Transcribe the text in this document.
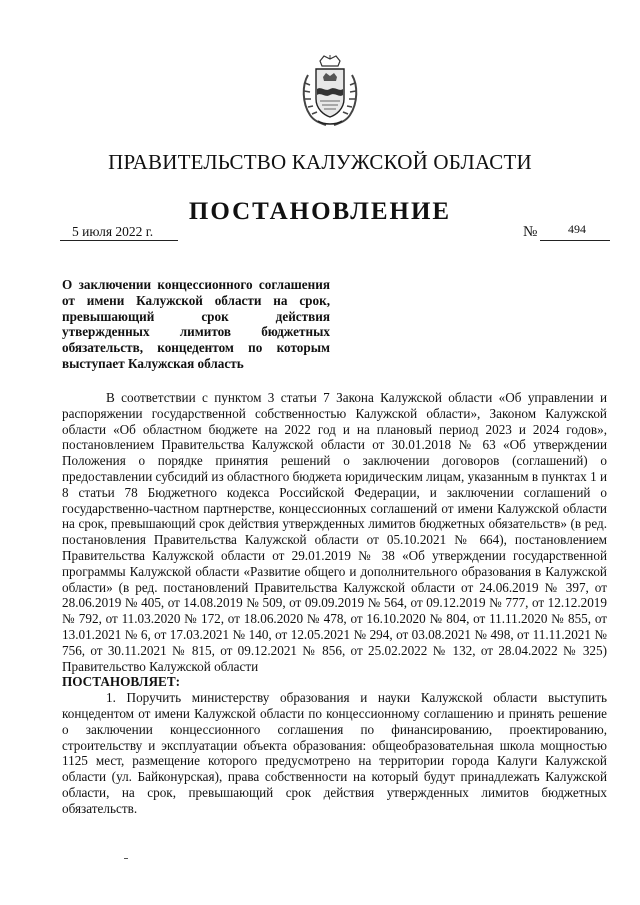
ПРАВИТЕЛЬСТВО КАЛУЖСКОЙ ОБЛАСТИ
ПОСТАНОВЛЕНИЕ
5 июля 2022 г.	№	494
О заключении концессионного соглашения от имени Калужской области на срок, превышающий срок действия утвержденных лимитов бюджетных обязательств, концедентом по которым выступает Калужская область

В соответствии с пунктом 3 статьи 7 Закона Калужской области «Об управлении и распоряжении государственной собственностью Калужской области», Законом Калужской области «Об областном бюджете на 2022 год и на плановый период 2023 и 2024 годов», постановлением Правительства Калужской области от 30.01.2018 № 63 «Об утверждении Положения о порядке принятия решений о заключении договоров (соглашений) о предоставлении субсидий из областного бюджета юридическим лицам, указанным в пунктах 1 и 8 статьи 78 Бюджетного кодекса Российской Федерации, и заключении соглашений о государственно-частном партнерстве, концессионных соглашений от имени Калужской области на срок, превышающий срок действия утвержденных лимитов бюджетных обязательств» (в ред. постановления Правительства Калужской области от 05.10.2021 № 664), постановлением Правительства Калужской области от 29.01.2019 № 38 «Об утверждении государственной программы Калужской области «Развитие общего и дополнительного образования в Калужской области» (в ред. постановлений Правительства Калужской области от 24.06.2019 № 397, от 28.06.2019 № 405, от 14.08.2019 № 509, от 09.09.2019 № 564, от 09.12.2019 № 777, от 12.12.2019 № 792, от 11.03.2020 № 172, от 18.06.2020 № 478, от 16.10.2020 № 804, от 11.11.2020 № 855, от 13.01.2021 № 6, от 17.03.2021 № 140, от 12.05.2021 № 294, от 03.08.2021 № 498, от 11.11.2021 № 756, от 30.11.2021 № 815, от 09.12.2021 № 856, от 25.02.2022 № 132, от 28.04.2022 № 325) Правительство Калужской области

ПОСТАНОВЛЯЕТ:

1. Поручить министерству образования и науки Калужской области выступить концедентом от имени Калужской области по концессионному соглашению и принять решение о заключении концессионного соглашения по финансированию, проектированию, строительству и эксплуатации объекта образования: общеобразовательная школа мощностью 1125 мест, размещение которого предусмотрено на территории города Калуги Калужской области (ул. Байконурская), права собственности на который будут принадлежать Калужской области, на срок, превышающий срок действия утвержденных лимитов бюджетных обязательств.
